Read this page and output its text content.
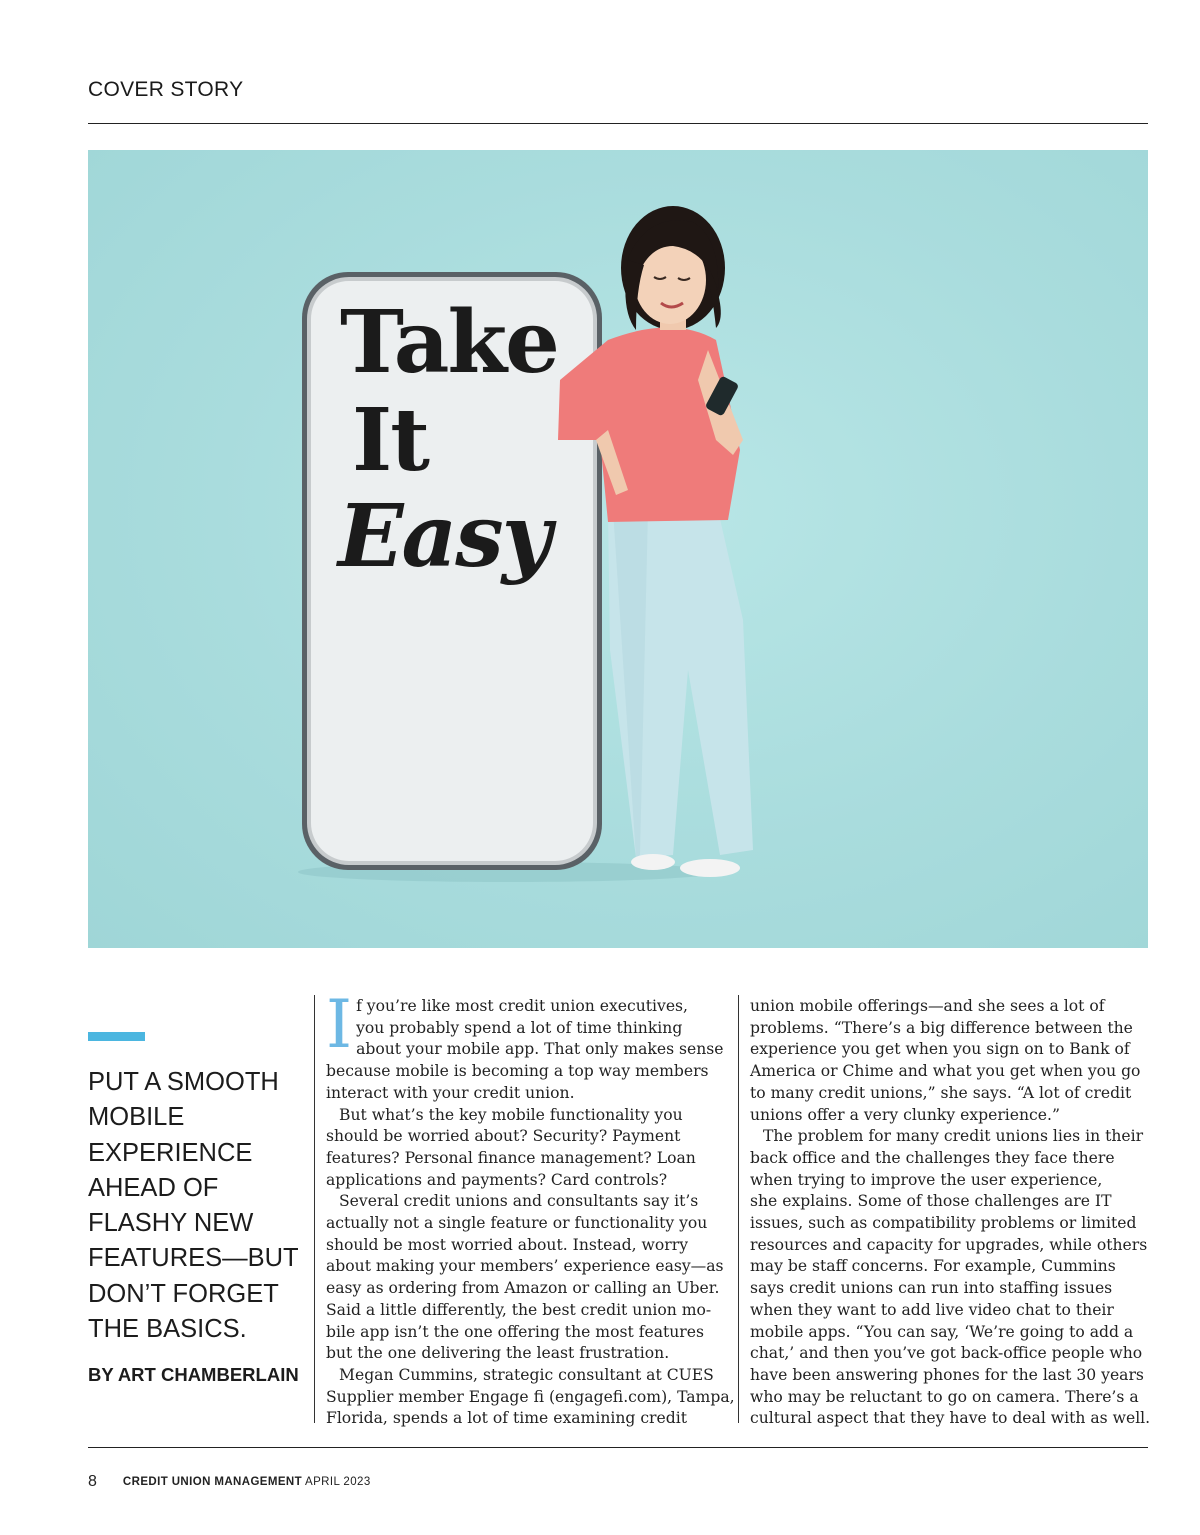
COVER STORY
Take
It
Easy
PUT A SMOOTH MOBILE EXPERIENCE AHEAD OF FLASHY NEW FEATURES—BUT DON’T FORGET THE BASICS.
BY ART CHAMBERLAIN
I f you’re like most credit union executives,
you probably spend a lot of time thinking
about your mobile app. That only makes sense
because mobile is becoming a top way members
interact with your credit union.
But what’s the key mobile functionality you
should be worried about? Security? Payment
features? Personal finance management? Loan
applications and payments? Card controls?
Several credit unions and consultants say it’s
actually not a single feature or functionality you
should be most worried about. Instead, worry
about making your members’ experience easy—as
easy as ordering from Amazon or calling an Uber.
Said a little differently, the best credit union mo-
bile app isn’t the one offering the most features
but the one delivering the least frustration.
Megan Cummins, strategic consultant at CUES
Supplier member Engage fi (engagefi.com), Tampa,
Florida, spends a lot of time examining credit
union mobile offerings—and she sees a lot of
problems. “There’s a big difference between the
experience you get when you sign on to Bank of
America or Chime and what you get when you go
to many credit unions,” she says. “A lot of credit
unions offer a very clunky experience.”
The problem for many credit unions lies in their
back office and the challenges they face there
when trying to improve the user experience,
she explains. Some of those challenges are IT
issues, such as compatibility problems or limited
resources and capacity for upgrades, while others
may be staff concerns. For example, Cummins
says credit unions can run into staffing issues
when they want to add live video chat to their
mobile apps. “You can say, ‘We’re going to add a
chat,’ and then you’ve got back-office people who
have been answering phones for the last 30 years
who may be reluctant to go on camera. There’s a
cultural aspect that they have to deal with as well.
8 CREDIT UNION MANAGEMENT APRIL 2023
